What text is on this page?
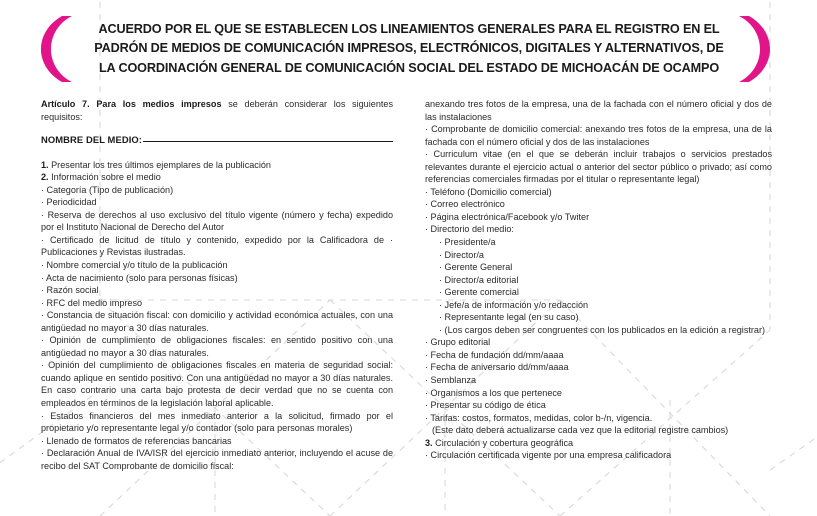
ACUERDO POR EL QUE SE ESTABLECEN LOS LINEAMIENTOS GENERALES PARA EL REGISTRO EN EL
PADRÓN DE MEDIOS DE COMUNICACIÓN IMPRESOS, ELECTRÓNICOS, DIGITALES Y ALTERNATIVOS, DE
LA COORDINACIÓN GENERAL DE COMUNICACIÓN SOCIAL DEL ESTADO DE MICHOACÁN DE OCAMPO

Artículo 7. Para los medios impresos se deberán considerar los siguientes requisitos:

NOMBRE DEL MEDIO:

1. Presentar los tres últimos ejemplares de la publicación

2. Información sobre el medio

· Categoría (Tipo de publicación)

· Periodicidad

· Reserva de derechos al uso exclusivo del título vigente (número y fecha) expedido por el Instituto Nacional de Derecho del Autor

· Certificado de licitud de título y contenido, expedido por la Calificadora de · Publicaciones y Revistas ilustradas.

· Nombre comercial y/o título de la publicación

· Acta de nacimiento (solo para personas físicas)

· Razón social

· RFC del medio impreso

· Constancia de situación fiscal: con domicilio y actividad económica actuales, con una antigüedad no mayor a 30 días naturales.

· Opinión de cumplimiento de obligaciones fiscales: en sentido positivo con una antigüedad no mayor a 30 días naturales.

· Opinión del cumplimiento de obligaciones fiscales en materia de seguridad social: cuando aplique en sentido positivo. Con una antigüedad no mayor a 30 días naturales. En caso contrario una carta bajo protesta de decir verdad que no se cuenta con empleados en términos de la legislación laboral aplicable.

· Estados financieros del mes inmediato anterior a la solicitud, firmado por el propietario y/o representante legal y/o contador (solo para personas morales)

· Llenado de formatos de referencias bancarias

· Declaración Anual de IVA/ISR del ejercicio inmediato anterior, incluyendo el acuse de recibo del SAT Comprobante de domicilio fiscal:

anexando tres fotos de la empresa, una de la fachada con el número oficial y dos de las instalaciones

· Comprobante de domicilio comercial: anexando tres fotos de la empresa, una de la fachada con el número oficial y dos de las instalaciones

· Curriculum vitae (en el que se deberán incluir trabajos o servicios prestados relevantes durante el ejercicio actual o anterior del sector público o privado; así como referencias comerciales firmadas por el titular o representante legal)

· Teléfono (Domicilio comercial)

· Correo electrónico

· Página electrónica/Facebook y/o Twiter

· Directorio del medio:

· Presidente/a

· Director/a

· Gerente General

· Director/a editorial

· Gerente comercial

· Jefe/a de información y/o redacción

· Representante legal (en su caso)

· (Los cargos deben ser congruentes con los publicados en la edición a registrar)

· Grupo editorial

· Fecha de fundación dd/mm/aaaa

· Fecha de aniversario dd/mm/aaaa

· Semblanza

· Organismos a los que pertenece

· Presentar su código de ética

· Tarifas: costos, formatos, medidas, color b-/n, vigencia.

(Este dato deberá actualizarse cada vez que la editorial registre cambios)

3. Circulación y cobertura geográfica

· Circulación certificada vigente por una empresa calificadora
